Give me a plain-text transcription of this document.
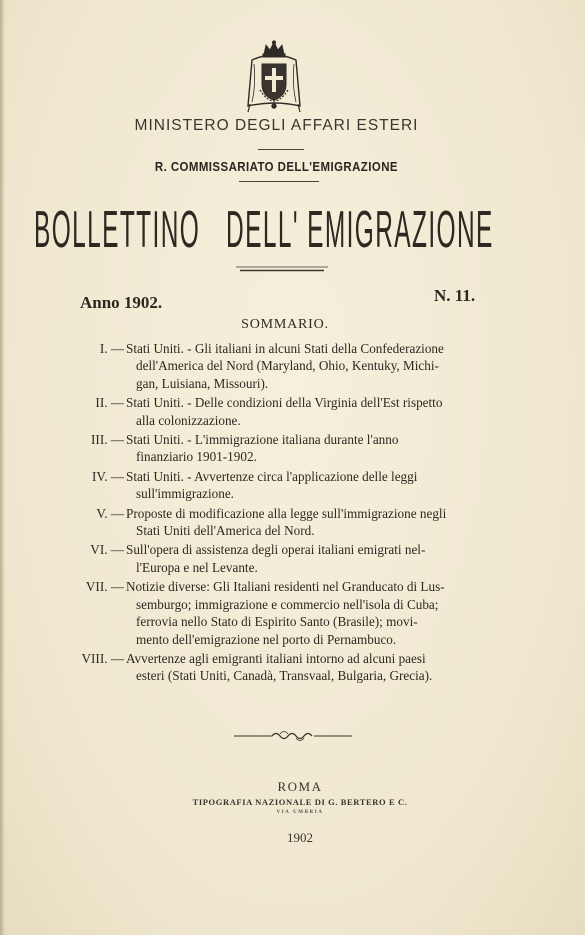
MINISTERO DEGLI AFFARI ESTERI
R. COMMISSARIATO DELL'EMIGRAZIONE
BOLLETTINO DELL' EMIGRAZIONE
Anno 1902.	N. 11.
SOMMARIO.
I. — Stati Uniti. - Gli italiani in alcuni Stati della Confederazione
dell'America del Nord (Maryland, Ohio, Kentuky, Michi-
gan, Luisiana, Missouri).
II. — Stati Uniti. - Delle condizioni della Virginia dell'Est rispetto
alla colonizzazione.
III. — Stati Uniti. - L'immigrazione italiana durante l'anno
finanziario 1901-1902.
IV. — Stati Uniti. - Avvertenze circa l'applicazione delle leggi
sull'immigrazione.
V. — Proposte di modificazione alla legge sull'immigrazione negli
Stati Uniti dell'America del Nord.
VI. — Sull'opera di assistenza degli operai italiani emigrati nel-
l'Europa e nel Levante.
VII. — Notizie diverse: Gli Italiani residenti nel Granducato di Lus-
semburgo; immigrazione e commercio nell'isola di Cuba;
ferrovia nello Stato di Espirito Santo (Brasile); movi-
mento dell'emigrazione nel porto di Pernambuco.
VIII. — Avvertenze agli emigranti italiani intorno ad alcuni paesi
esteri (Stati Uniti, Canadà, Transvaal, Bulgaria, Grecia).
ROMA
TIPOGRAFIA NAZIONALE DI G. BERTERO E C.
VIA UMBRIA
1902
